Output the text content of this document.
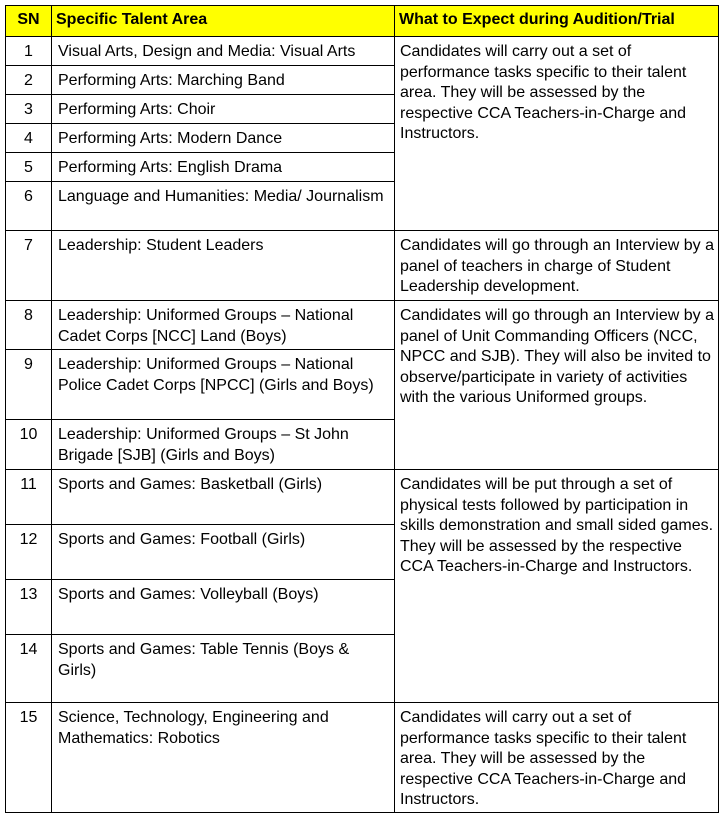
SN	Specific Talent Area	What to Expect during Audition/Trial
1	Visual Arts, Design and Media: Visual Arts	Candidates will carry out a set of performance tasks specific to their talent area. They will be assessed by the respective CCA Teachers-in-Charge and Instructors.
2	Performing Arts: Marching Band	
3	Performing Arts: Choir	
4	Performing Arts: Modern Dance	
5	Performing Arts: English Drama	
6	Language and Humanities: Media/ Journalism	
7	Leadership: Student Leaders	Candidates will go through an Interview by a panel of teachers in charge of Student Leadership development.
8	Leadership: Uniformed Groups – National Cadet Corps [NCC] Land (Boys)	Candidates will go through an Interview by a panel of Unit Commanding Officers (NCC, NPCC and SJB). They will also be invited to observe/participate in variety of activities with the various Uniformed groups.
9	Leadership: Uniformed Groups – National Police Cadet Corps [NPCC] (Girls and Boys)	
10	Leadership: Uniformed Groups – St John Brigade [SJB] (Girls and Boys)	
11	Sports and Games: Basketball (Girls)	Candidates will be put through a set of physical tests followed by participation in skills demonstration and small sided games. They will be assessed by the respective CCA Teachers-in-Charge and Instructors.
12	Sports and Games: Football (Girls)	
13	Sports and Games: Volleyball (Boys)	
14	Sports and Games: Table Tennis (Boys & Girls)	
15	Science, Technology, Engineering and Mathematics: Robotics	Candidates will carry out a set of performance tasks specific to their talent area. They will be assessed by the respective CCA Teachers-in-Charge and Instructors.
